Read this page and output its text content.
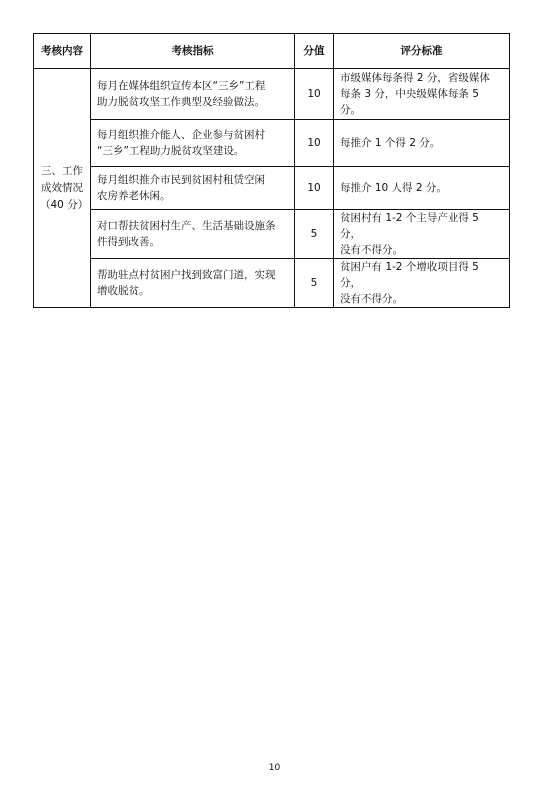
考核内容	考核指标	分值	评分标准

三、工作
成效情况
（40 分）	每月在媒体组织宣传本区“三乡”工程
助力脱贫攻坚工作典型及经验做法。	10	市级媒体每条得 2 分，省级媒体
每条 3 分，中央级媒体每条 5 分。

	每月组织推介能人、企业参与贫困村
“三乡”工程助力脱贫攻坚建设。	10	每推介 1 个得 2 分。

	每月组织推介市民到贫困村租赁空闲
农房养老休闲。	10	每推介 10 人得 2 分。

	对口帮扶贫困村生产、生活基础设施条
件得到改善。	5	贫困村有 1-2 个主导产业得 5 分，
没有不得分。

	帮助驻点村贫困户找到致富门道，实现
增收脱贫。	5	贫困户有 1-2 个增收项目得 5 分，
没有不得分。
10
